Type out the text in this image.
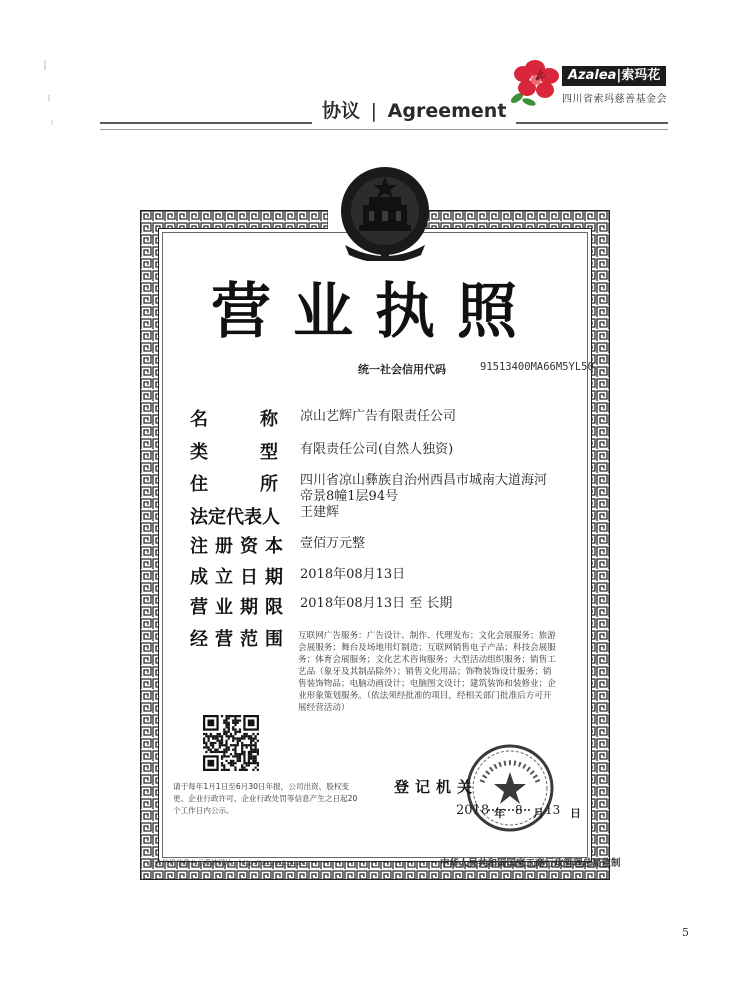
协议 | Agreement
Azalea|索玛花
四川省索玛慈善基金会
营业执照
统一社会信用代码	91513400MA66M5YL50
名称
凉山艺辉广告有限责任公司
类型
有限责任公司(自然人独资)
住所
四川省凉山彝族自治州西昌市城南大道海河
帝景8幢1层94号
法定代表人 王建辉
注册资本 壹佰万元整
成立日期 2018年08月13日
营业期限 2018年08月13日 至 长期
经营范围 互联网广告服务：广告设计、制作、代理发布；文化会展服务；旅游会展服务；舞台及场地用灯制造；互联网销售电子产品；科技会展服务；体育会展服务；文化艺术咨询服务；大型活动组织服务；销售工艺品（象牙及其制品除外）；销售文化用品；饰物装饰设计服务；销售装饰物品；电脑动画设计；电脑图文设计；建筑装饰和装修业；企业形象策划服务。（依法须经批准的项目，经相关部门批准后方可开展经营活动）
请于每年1月1日至6月30日年报，公司出资、股权变更、企业行政许可、企业行政处罚等信息产生之日起20个工作日内公示。
登记机关
2018 年 8 月 13 日
企业信用信息公示系统网址：http://sc.gsxt.gov.cn	中华人民共和国国家工商行政管理总局监制
5
